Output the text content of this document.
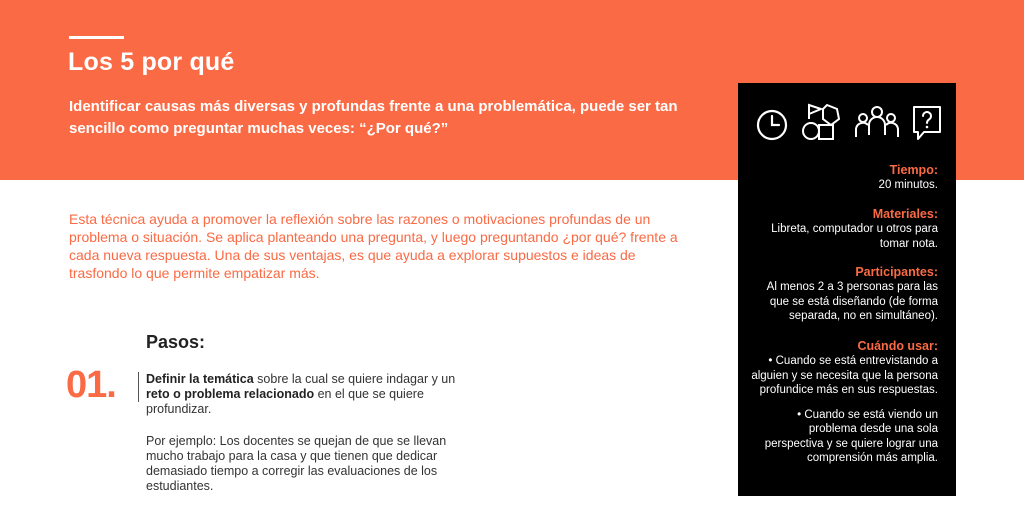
Los 5 por qué

Identificar causas más diversas y profundas frente a una problemática, puede ser tan sencillo como preguntar muchas veces: “¿Por qué?”

Esta técnica ayuda a promover la reflexión sobre las razones o motivaciones profundas de un problema o situación. Se aplica planteando una pregunta, y luego preguntando ¿por qué? frente a cada nueva respuesta. Una de sus ventajas, es que ayuda a explorar supuestos e ideas de trasfondo lo que permite empatizar más.

Pasos:
01. Definir la temática sobre la cual se quiere indagar y un reto o problema relacionado en el que se quiere profundizar.
Por ejemplo: Los docentes se quejan de que se llevan mucho trabajo para la casa y que tienen que dedicar demasiado tiempo a corregir las evaluaciones de los estudiantes.
Tiempo:
20 minutos.
Materiales:
Libreta, computador u otros para tomar nota.
Participantes:
Al menos 2 a 3 personas para las que se está diseñando (de forma separada, no en simultáneo).
Cuándo usar:
• Cuando se está entrevistando a alguien y se necesita que la persona profundice más en sus respuestas.
• Cuando se está viendo un problema desde una sola perspectiva y se quiere lograr una comprensión más amplia.
